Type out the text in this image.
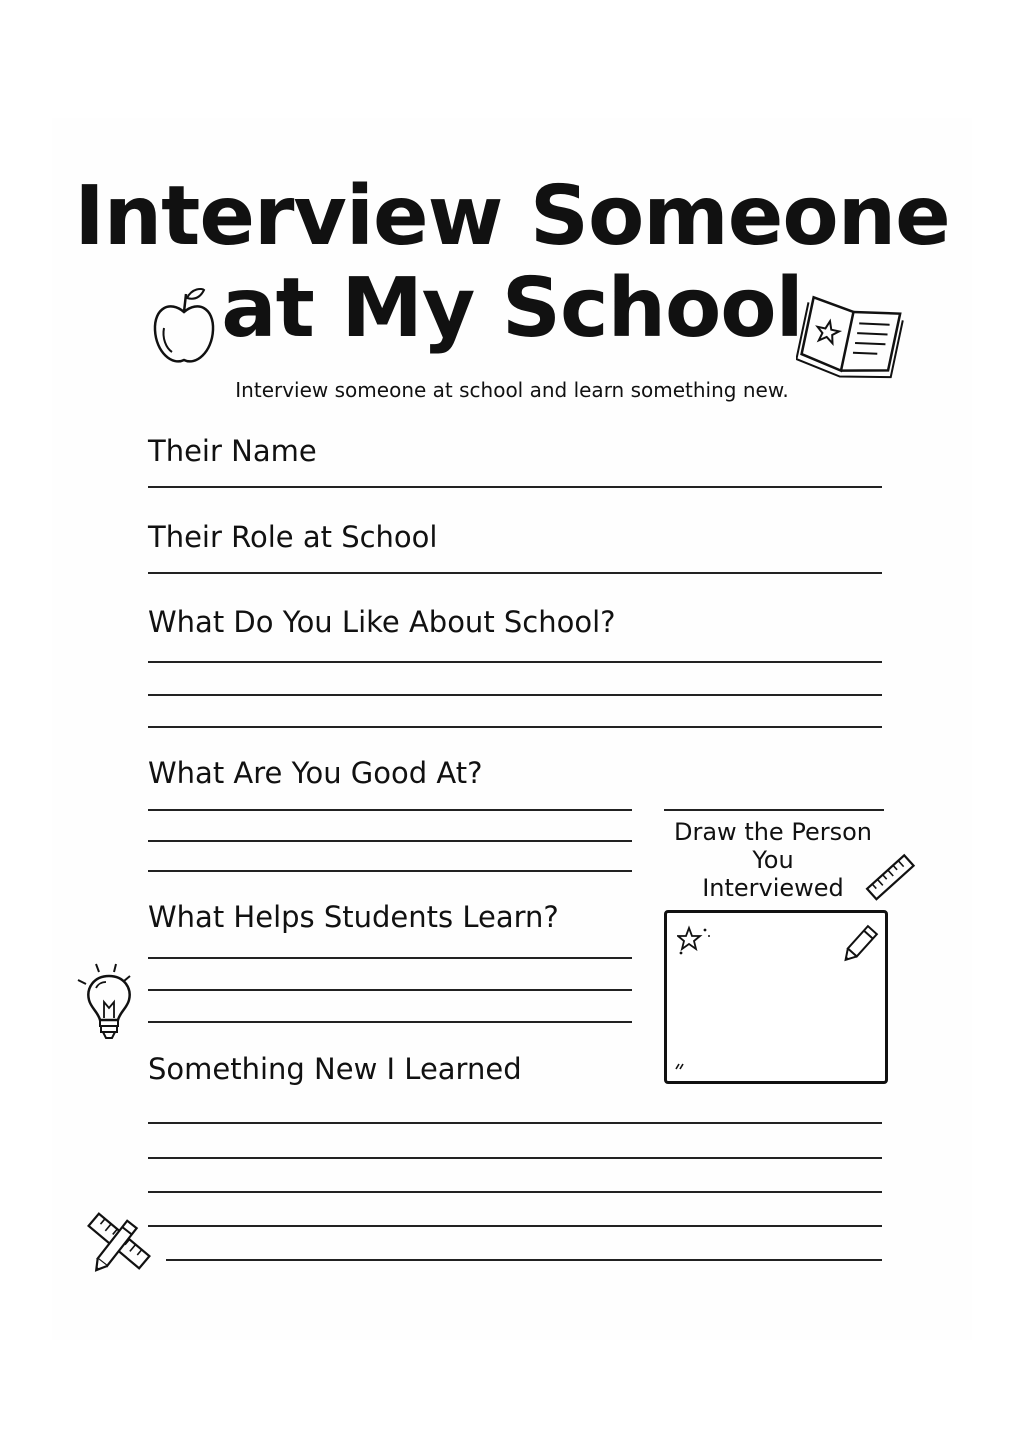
Interview Someone
at My School
Interview someone at school and learn something new.
Their Name
Their Role at School
What Do You Like About School?
What Are You Good At?
What Helps Students Learn?
Draw the Person
You
Interviewed
Something New I Learned
